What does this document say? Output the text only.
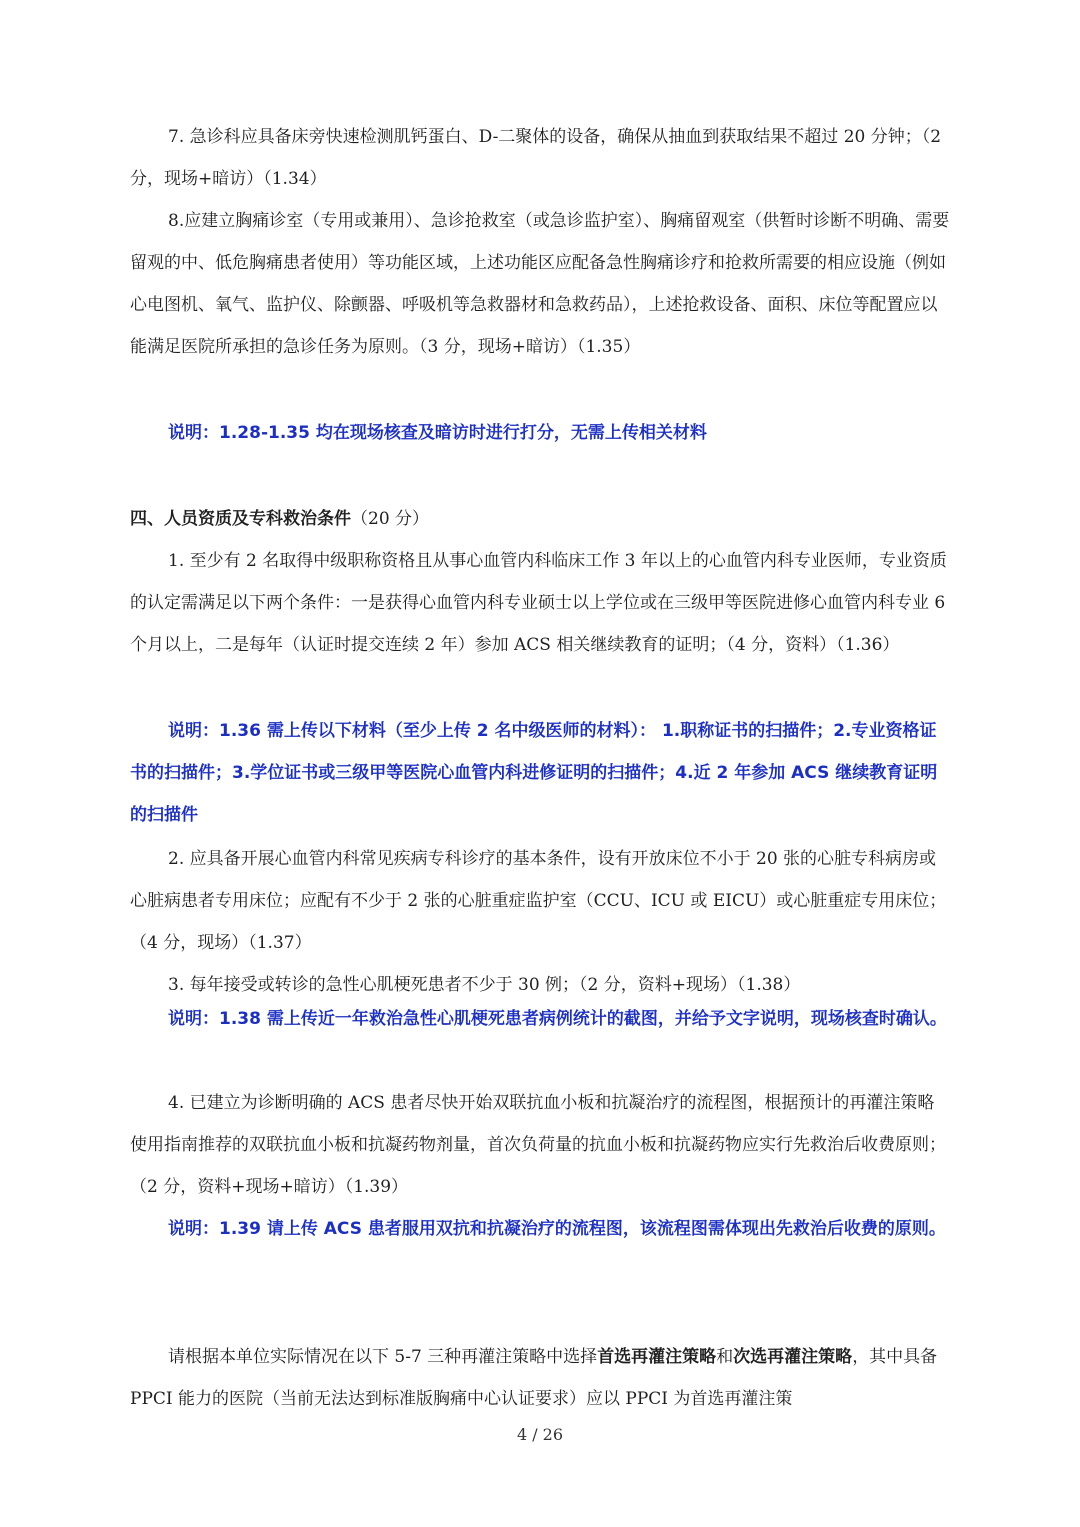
7. 急诊科应具备床旁快速检测肌钙蛋白、D-二聚体的设备，确保从抽血到获取结果不超过 20 分钟；（2 分，现场+暗访）（1.34）
8.应建立胸痛诊室（专用或兼用）、急诊抢救室（或急诊监护室）、胸痛留观室（供暂时诊断不明确、需要留观的中、低危胸痛患者使用）等功能区域，上述功能区应配备急性胸痛诊疗和抢救所需要的相应设施（例如心电图机、氧气、监护仪、除颤器、呼吸机等急救器材和急救药品），上述抢救设备、面积、床位等配置应以能满足医院所承担的急诊任务为原则。（3 分，现场+暗访）（1.35）
说明：1.28-1.35 均在现场核查及暗访时进行打分，无需上传相关材料
四、人员资质及专科救治条件（20 分）
1. 至少有 2 名取得中级职称资格且从事心血管内科临床工作 3 年以上的心血管内科专业医师，专业资质的认定需满足以下两个条件：一是获得心血管内科专业硕士以上学位或在三级甲等医院进修心血管内科专业 6 个月以上，二是每年（认证时提交连续 2 年）参加 ACS 相关继续教育的证明；（4 分，资料）（1.36）
说明：1.36 需上传以下材料（至少上传 2 名中级医师的材料）： 1.职称证书的扫描件；2.专业资格证书的扫描件；3.学位证书或三级甲等医院心血管内科进修证明的扫描件；4.近 2 年参加 ACS 继续教育证明的扫描件
2. 应具备开展心血管内科常见疾病专科诊疗的基本条件，设有开放床位不小于 20 张的心脏专科病房或心脏病患者专用床位；应配有不少于 2 张的心脏重症监护室（CCU、ICU 或 EICU）或心脏重症专用床位；（4 分，现场）（1.37）
3. 每年接受或转诊的急性心肌梗死患者不少于 30 例；（2 分，资料+现场）（1.38）
说明：1.38 需上传近一年救治急性心肌梗死患者病例统计的截图，并给予文字说明，现场核查时确认。
4. 已建立为诊断明确的 ACS 患者尽快开始双联抗血小板和抗凝治疗的流程图，根据预计的再灌注策略使用指南推荐的双联抗血小板和抗凝药物剂量，首次负荷量的抗血小板和抗凝药物应实行先救治后收费原则；（2 分，资料+现场+暗访）（1.39）
说明：1.39 请上传 ACS 患者服用双抗和抗凝治疗的流程图，该流程图需体现出先救治后收费的原则。
请根据本单位实际情况在以下 5-7 三种再灌注策略中选择首选再灌注策略和次选再灌注策略，其中具备 PPCI 能力的医院（当前无法达到标准版胸痛中心认证要求）应以 PPCI 为首选再灌注策
4 / 26
